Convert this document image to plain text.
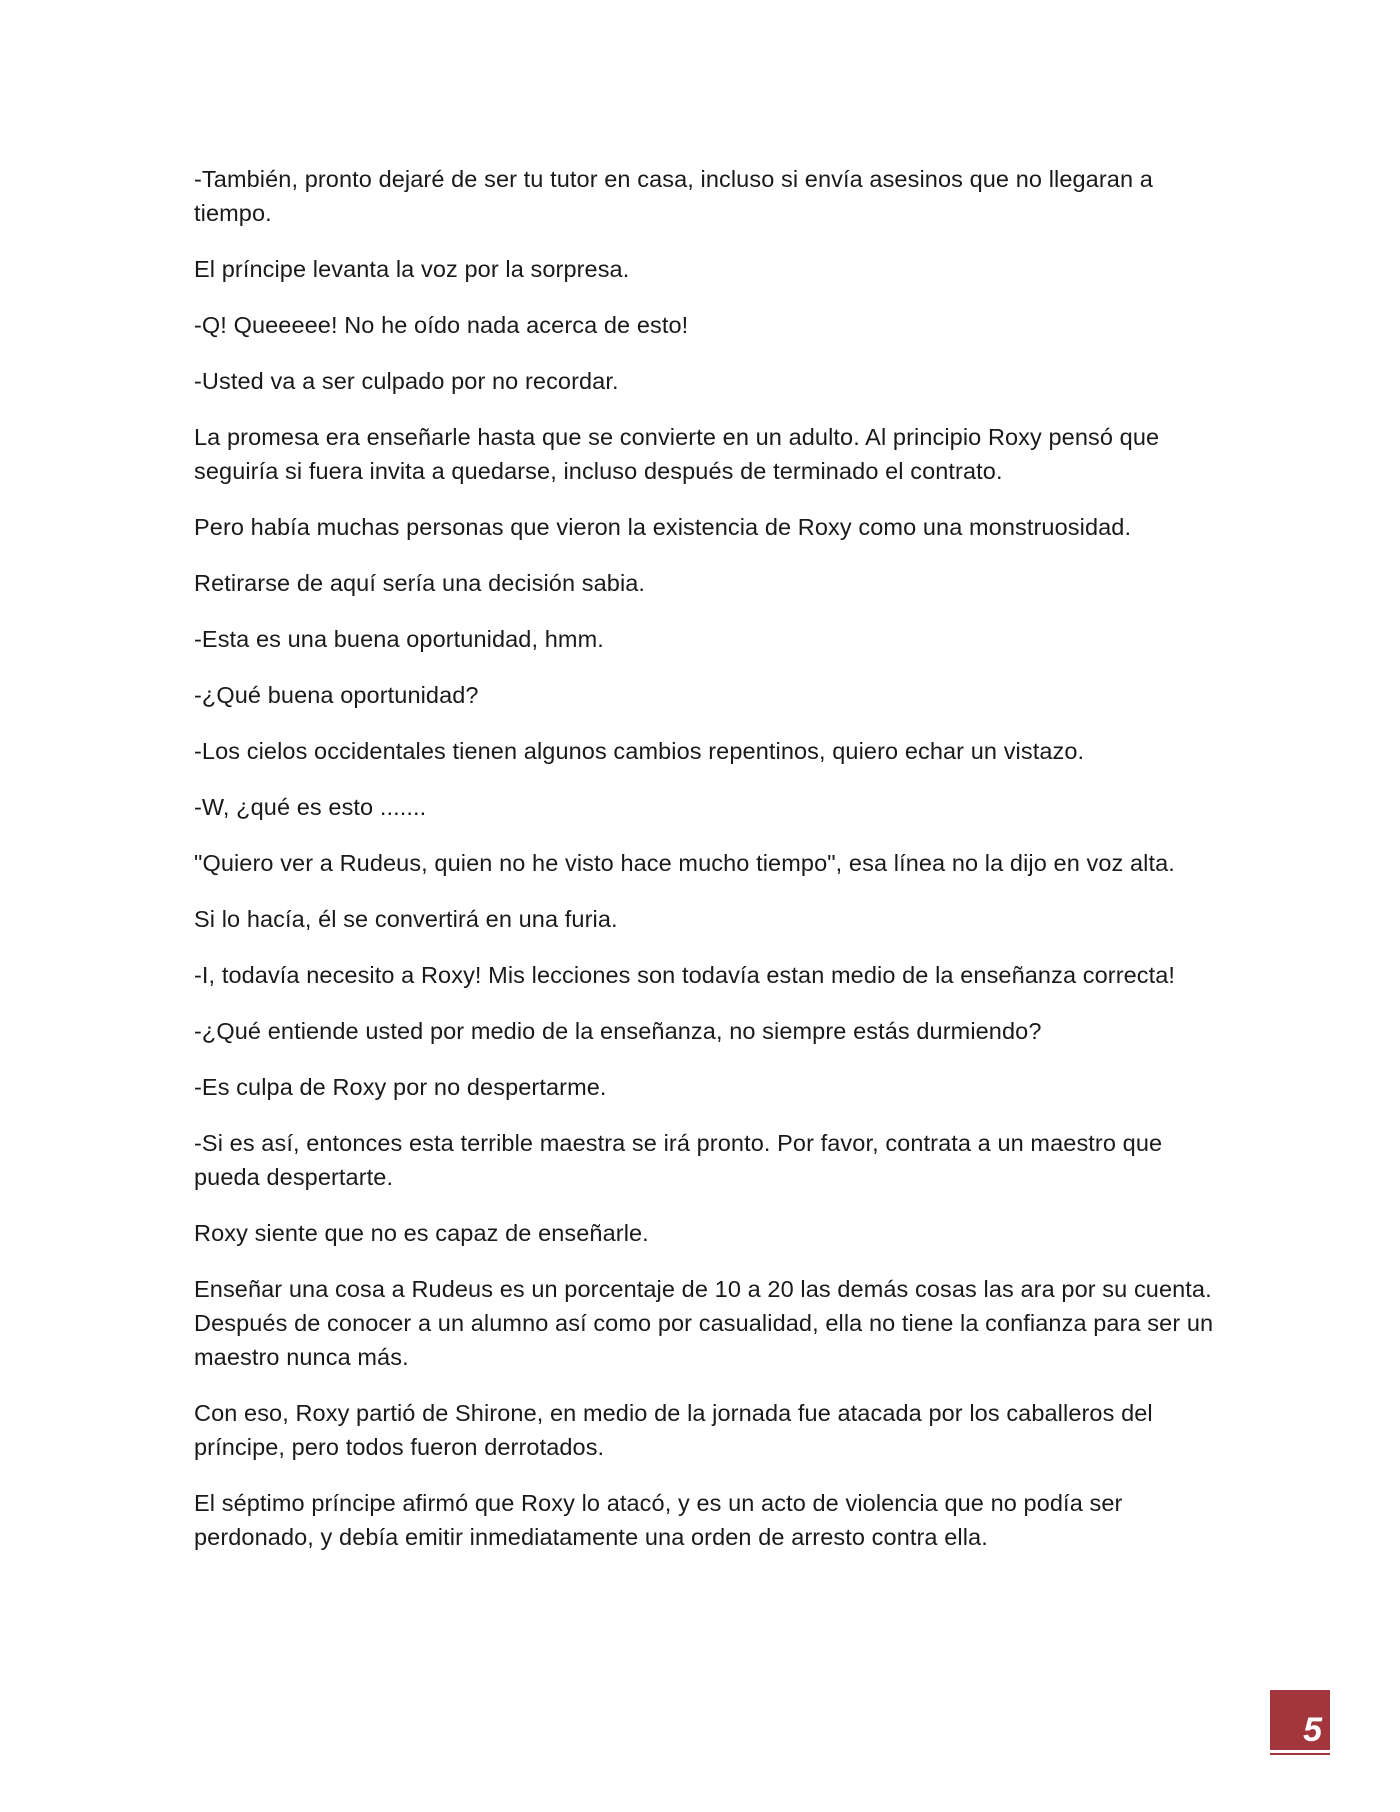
-También, pronto dejaré de ser tu tutor en casa, incluso si envía asesinos que no llegaran a tiempo.

El príncipe levanta la voz por la sorpresa.

-Q! Queeeee! No he oído nada acerca de esto!

-Usted va a ser culpado por no recordar.

La promesa era enseñarle hasta que se convierte en un adulto. Al principio Roxy pensó que seguiría si fuera invita a quedarse, incluso después de terminado el contrato.

Pero había muchas personas que vieron la existencia de Roxy como una monstruosidad.

Retirarse de aquí sería una decisión sabia.

-Esta es una buena oportunidad, hmm.

-¿Qué buena oportunidad?

-Los cielos occidentales tienen algunos cambios repentinos, quiero echar un vistazo.

-W, ¿qué es esto .......

"Quiero ver a Rudeus, quien no he visto hace mucho tiempo", esa línea no la dijo en voz alta.

Si lo hacía, él se convertirá en una furia.

-I, todavía necesito a Roxy! Mis lecciones son todavía estan medio de la enseñanza correcta!

-¿Qué entiende usted por medio de la enseñanza, no siempre estás durmiendo?

-Es culpa de Roxy por no despertarme.

-Si es así, entonces esta terrible maestra se irá pronto. Por favor, contrata a un maestro que pueda despertarte.

Roxy siente que no es capaz de enseñarle.

Enseñar una cosa a Rudeus es un porcentaje de 10 a 20 las demás cosas las ara por su cuenta. Después de conocer a un alumno así como por casualidad, ella no tiene la confianza para ser un maestro nunca más.

Con eso, Roxy partió de Shirone, en medio de la jornada fue atacada por los caballeros del príncipe, pero todos fueron derrotados.

El séptimo príncipe afirmó que Roxy lo atacó, y es un acto de violencia que no podía ser perdonado, y debía emitir inmediatamente una orden de arresto contra ella.

5
